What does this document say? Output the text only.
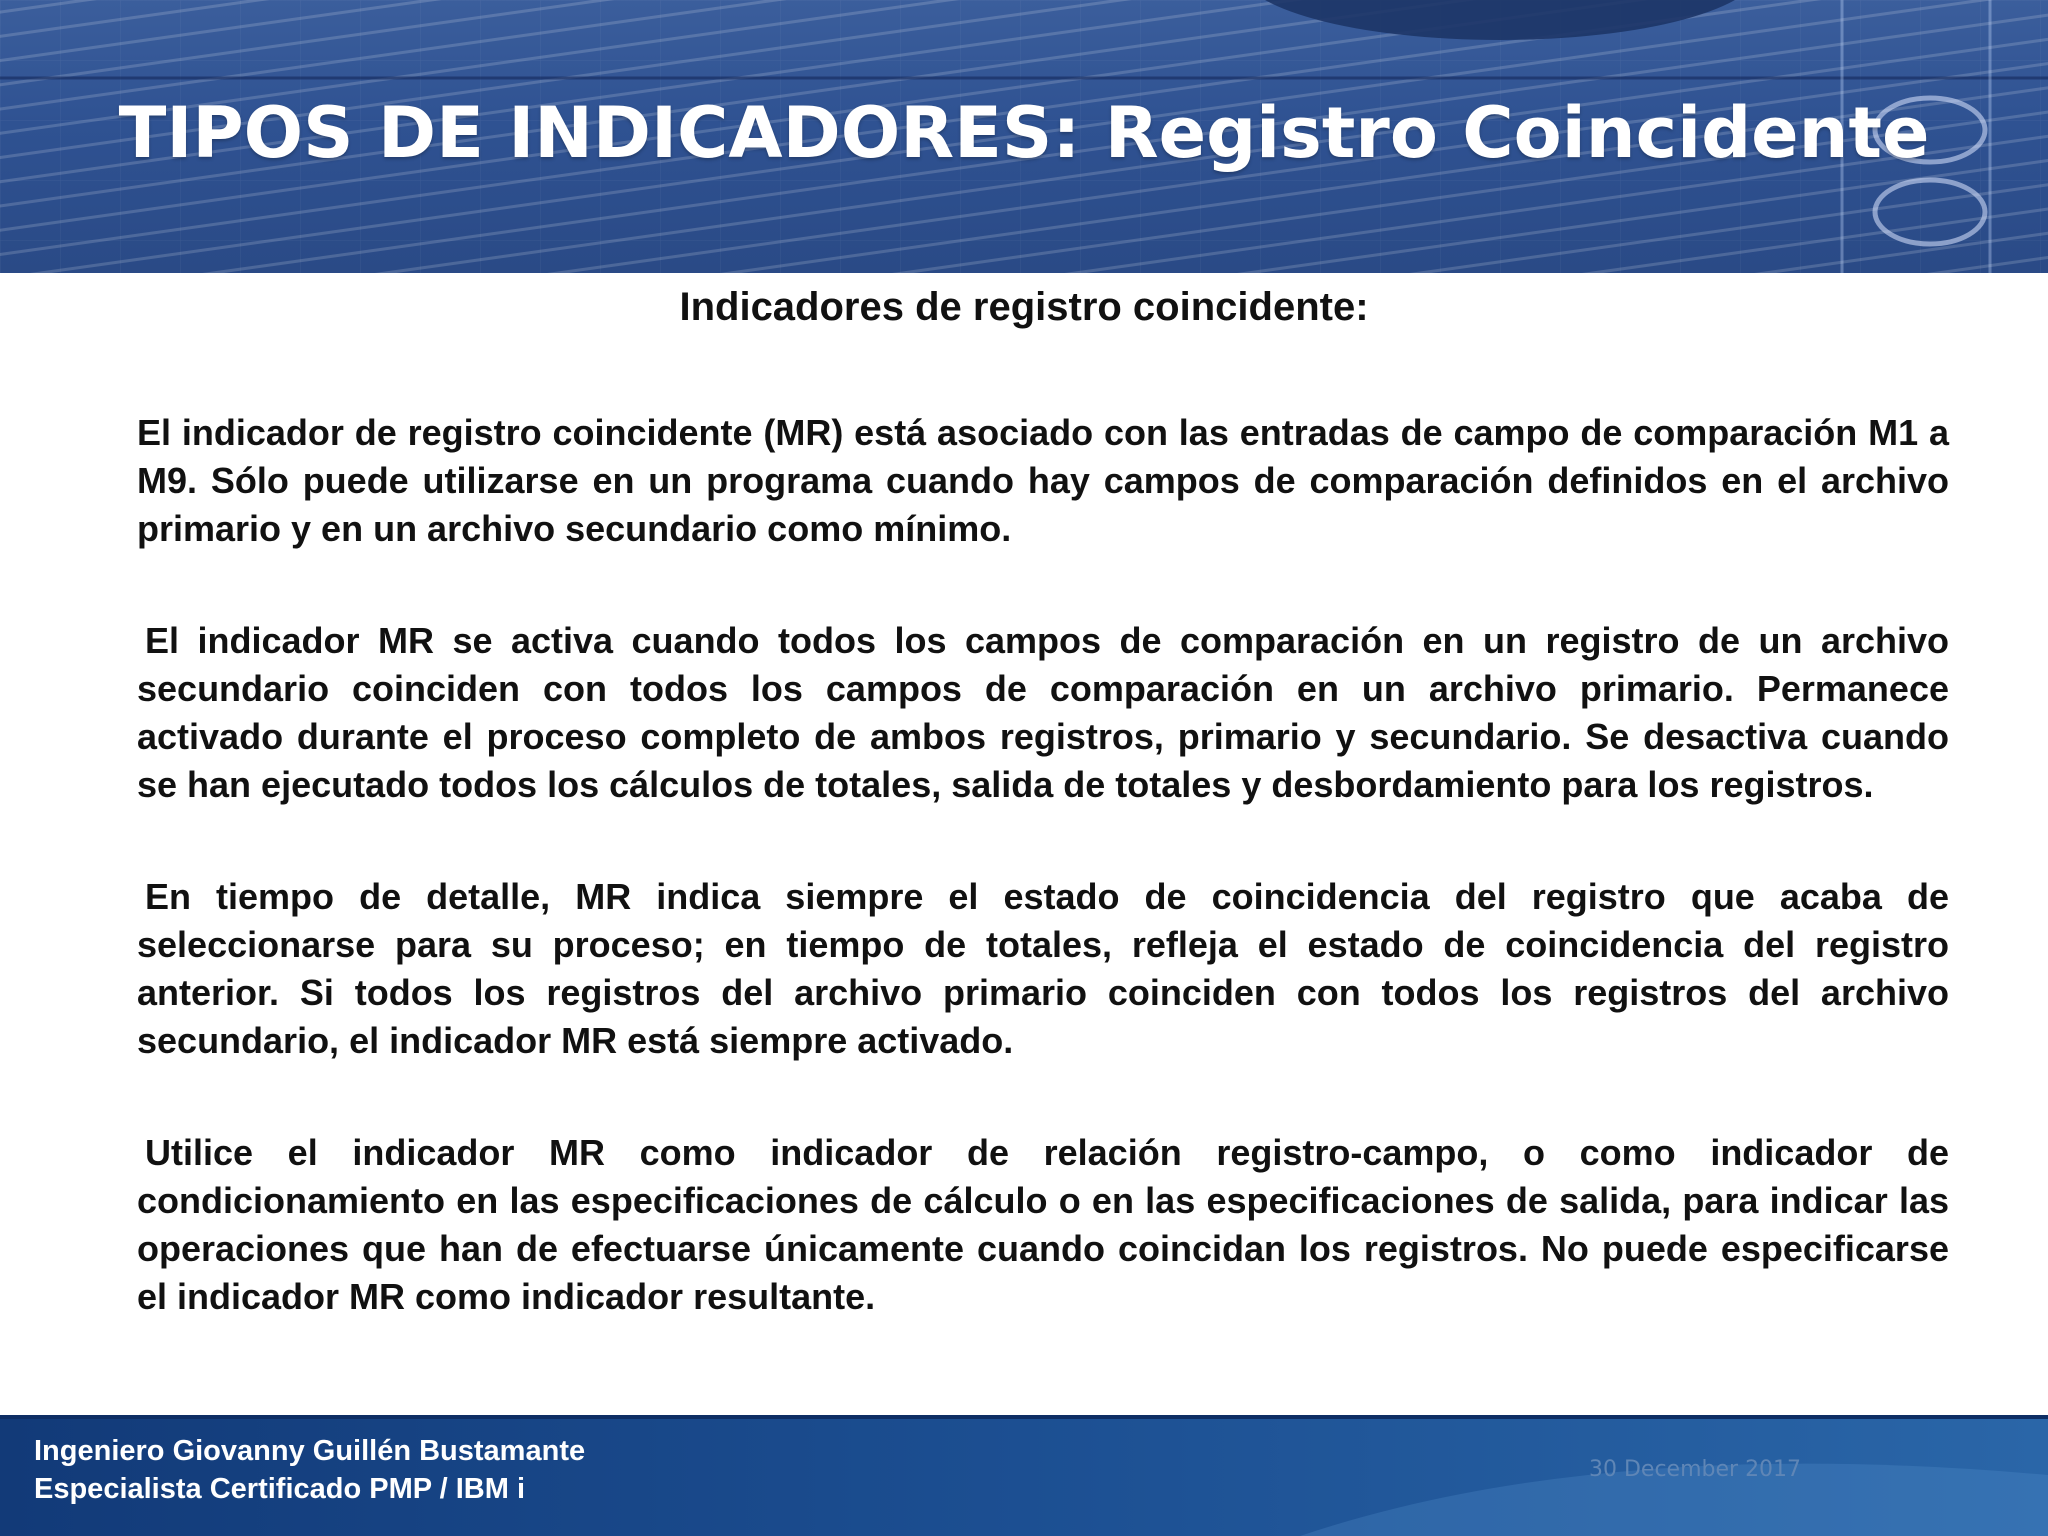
TIPOS DE INDICADORES: Registro Coincidente
Indicadores de registro coincidente:

El indicador de registro coincidente (MR) está asociado con las entradas de campo de comparación M1 a M9. Sólo puede utilizarse en un programa cuando hay campos de comparación definidos en el archivo primario y en un archivo secundario como mínimo.

El indicador MR se activa cuando todos los campos de comparación en un registro de un archivo secundario coinciden con todos los campos de comparación en un archivo primario. Permanece activado durante el proceso completo de ambos registros, primario y secundario. Se desactiva cuando se han ejecutado todos los cálculos de totales, salida de totales y desbordamiento para los registros.

En tiempo de detalle, MR indica siempre el estado de coincidencia del registro que acaba de seleccionarse para su proceso; en tiempo de totales, refleja el estado de coincidencia del registro anterior. Si todos los registros del archivo primario coinciden con todos los registros del archivo secundario, el indicador MR está siempre activado.

Utilice el indicador MR como indicador de relación registro-campo, o como indicador de condicionamiento en las especificaciones de cálculo o en las especificaciones de salida, para indicar las operaciones que han de efectuarse únicamente cuando coincidan los registros. No puede especificarse el indicador MR como indicador resultante.

Ingeniero Giovanny Guillén Bustamante
Especialista Certificado PMP / IBM i
30 December 2017
